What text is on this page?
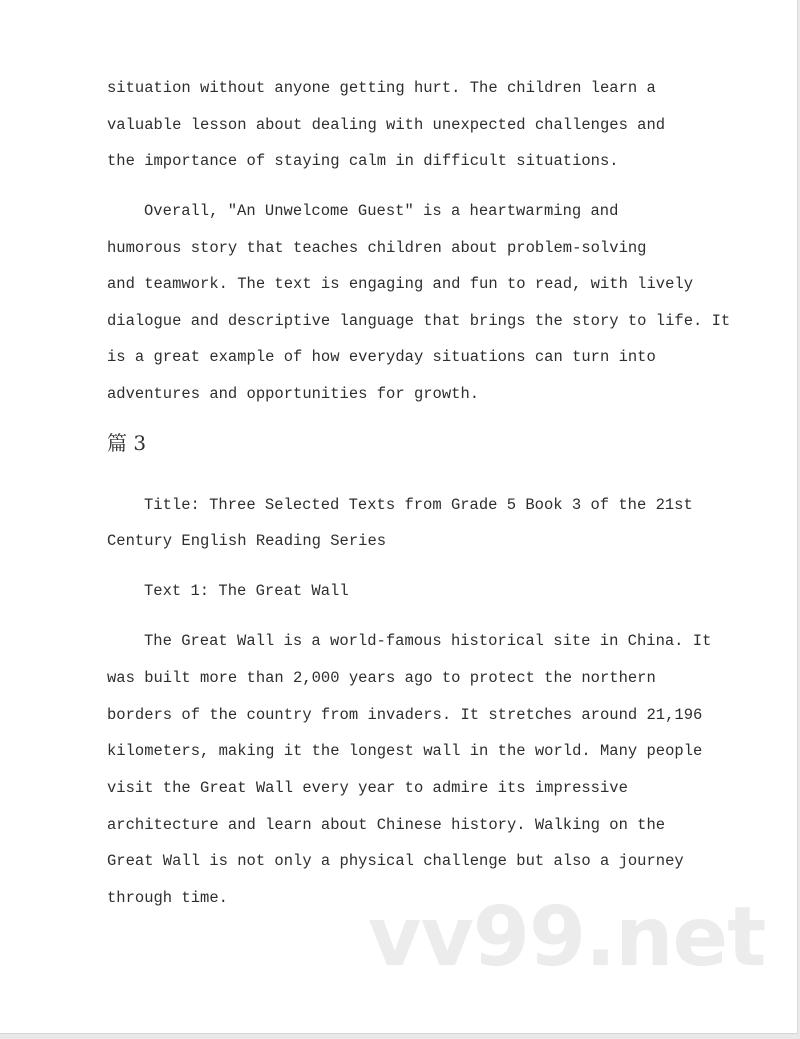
situation without anyone getting hurt. The children learn a
valuable lesson about dealing with unexpected challenges and
the importance of staying calm in difficult situations.
Overall, "An Unwelcome Guest" is a heartwarming and
humorous story that teaches children about problem-solving
and teamwork. The text is engaging and fun to read, with lively
dialogue and descriptive language that brings the story to life. It
is a great example of how everyday situations can turn into
adventures and opportunities for growth.
篇 3
Title: Three Selected Texts from Grade 5 Book 3 of the 21st
Century English Reading Series
Text 1: The Great Wall
The Great Wall is a world-famous historical site in China. It
was built more than 2,000 years ago to protect the northern
borders of the country from invaders. It stretches around 21,196
kilometers, making it the longest wall in the world. Many people
visit the Great Wall every year to admire its impressive
architecture and learn about Chinese history. Walking on the
Great Wall is not only a physical challenge but also a journey
through time. vv99.net
